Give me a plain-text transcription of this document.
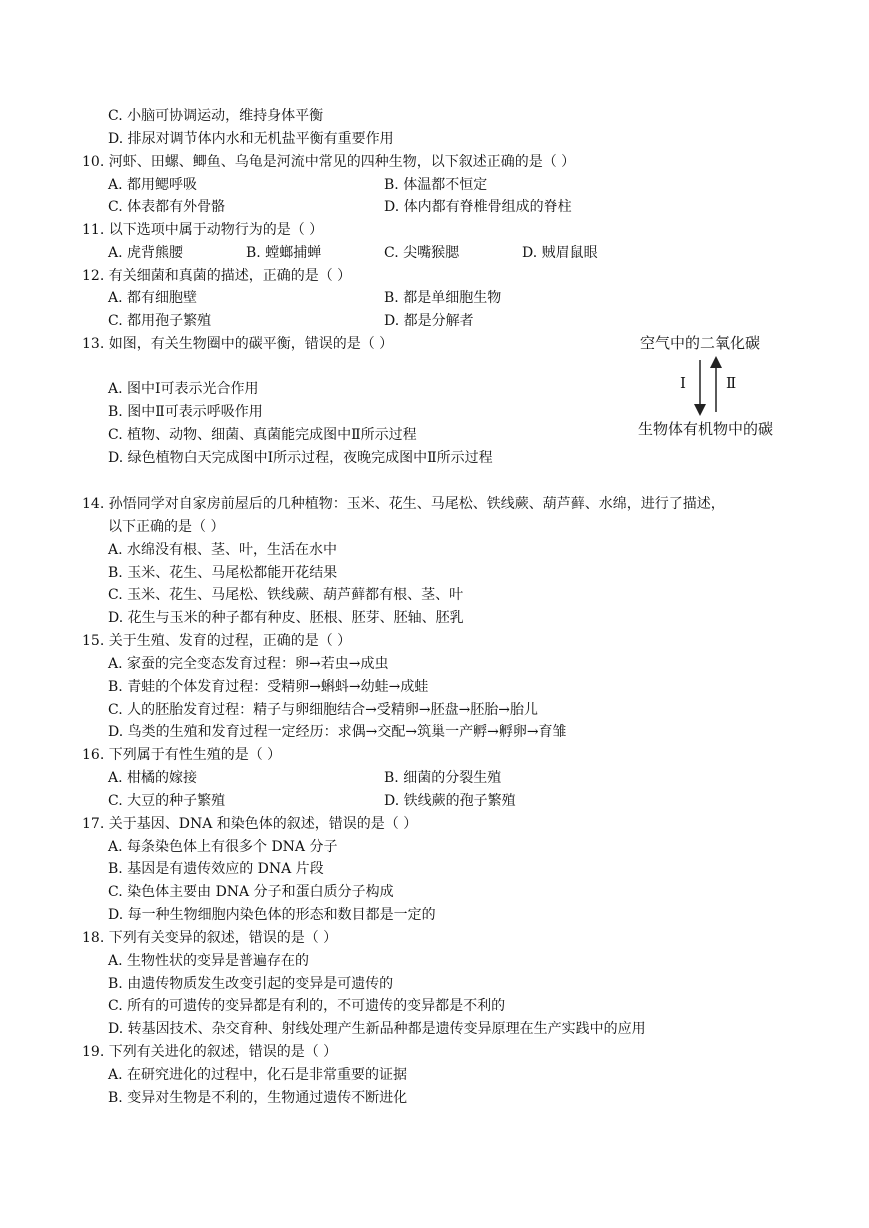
C. 小脑可协调运动，维持身体平衡
D. 排尿对调节体内水和无机盐平衡有重要作用
10. 河虾、田螺、鲫鱼、乌龟是河流中常见的四种生物，以下叙述正确的是（ ）
A. 都用鳃呼吸	B. 体温都不恒定
C. 体表都有外骨骼	D. 体内都有脊椎骨组成的脊柱
11. 以下选项中属于动物行为的是（ ）
A. 虎背熊腰	B. 螳螂捕蝉	C. 尖嘴猴腮	D. 贼眉鼠眼
12. 有关细菌和真菌的描述，正确的是（ ）
A. 都有细胞壁	B. 都是单细胞生物
C. 都用孢子繁殖	D. 都是分解者
13. 如图，有关生物圈中的碳平衡，错误的是（ ）
A. 图中Ⅰ可表示光合作用
B. 图中Ⅱ可表示呼吸作用
C. 植物、动物、细菌、真菌能完成图中Ⅱ所示过程
D. 绿色植物白天完成图中Ⅰ所示过程，夜晚完成图中Ⅱ所示过程
空气中的二氧化碳
Ⅰ	Ⅱ
生物体有机物中的碳
14. 孙悟同学对自家房前屋后的几种植物：玉米、花生、马尾松、铁线蕨、葫芦藓、水绵，进行了描述，
以下正确的是（ ）
A. 水绵没有根、茎、叶，生活在水中
B. 玉米、花生、马尾松都能开花结果
C. 玉米、花生、马尾松、铁线蕨、葫芦藓都有根、茎、叶
D. 花生与玉米的种子都有种皮、胚根、胚芽、胚轴、胚乳
15. 关于生殖、发育的过程，正确的是（ ）
A. 家蚕的完全变态发育过程：卵→若虫→成虫
B. 青蛙的个体发育过程：受精卵→蝌蚪→幼蛙→成蛙
C. 人的胚胎发育过程：精子与卵细胞结合→受精卵→胚盘→胚胎→胎儿
D. 鸟类的生殖和发育过程一定经历：求偶→交配→筑巢一产孵→孵卵→育雏
16. 下列属于有性生殖的是（ ）
A. 柑橘的嫁接	B. 细菌的分裂生殖
C. 大豆的种子繁殖	D. 铁线蕨的孢子繁殖
17. 关于基因、DNA 和染色体的叙述，错误的是（ ）
A. 每条染色体上有很多个 DNA 分子
B. 基因是有遗传效应的 DNA 片段
C. 染色体主要由 DNA 分子和蛋白质分子构成
D. 每一种生物细胞内染色体的形态和数目都是一定的
18. 下列有关变异的叙述，错误的是（ ）
A. 生物性状的变异是普遍存在的
B. 由遗传物质发生改变引起的变异是可遗传的
C. 所有的可遗传的变异都是有利的，不可遗传的变异都是不利的
D. 转基因技术、杂交育种、射线处理产生新品种都是遗传变异原理在生产实践中的应用
19. 下列有关进化的叙述，错误的是（ ）
A. 在研究进化的过程中，化石是非常重要的证据
B. 变异对生物是不利的，生物通过遗传不断进化
